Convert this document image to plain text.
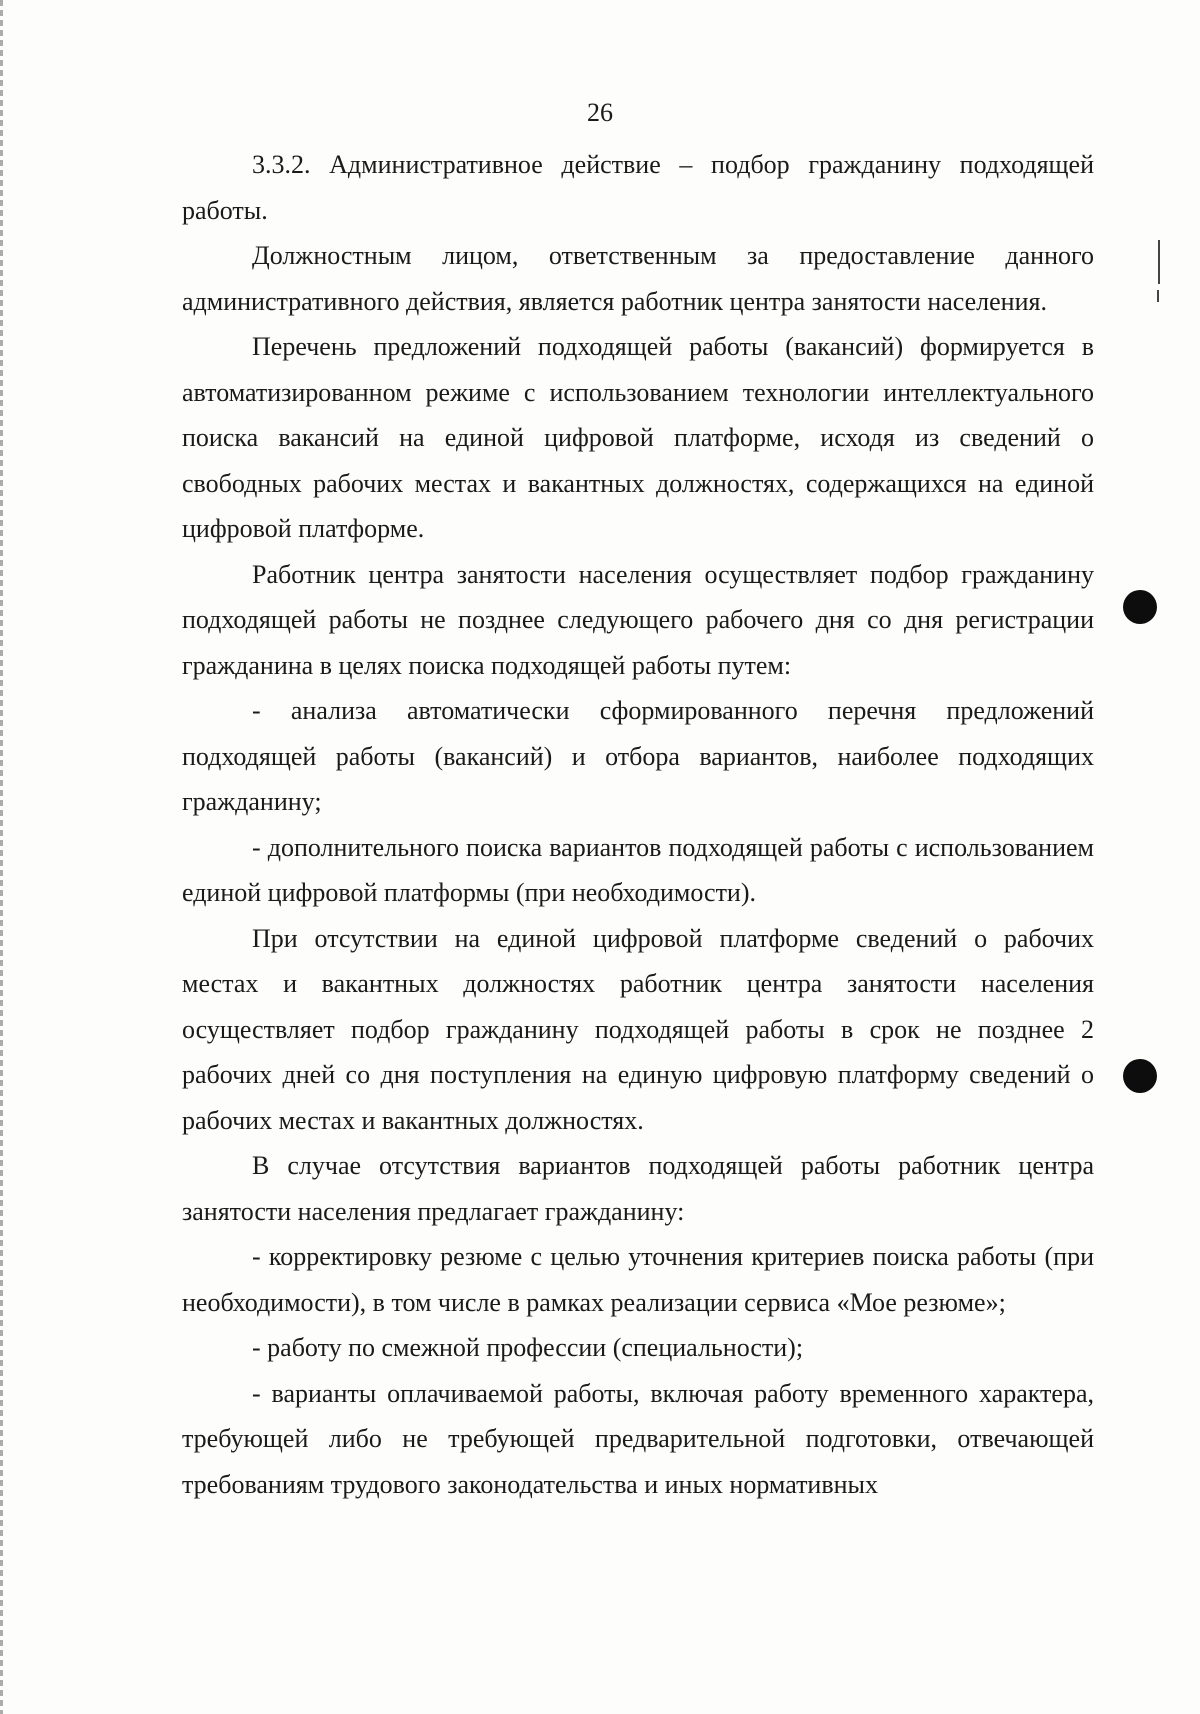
26

3.3.2. Административное действие – подбор гражданину подходящей работы.

Должностным лицом, ответственным за предоставление данного административного действия, является работник центра занятости населения.

Перечень предложений подходящей работы (вакансий) формируется в автоматизированном режиме с использованием технологии интеллектуального поиска вакансий на единой цифровой платформе, исходя из сведений о свободных рабочих местах и вакантных должностях, содержащихся на единой цифровой платформе.

Работник центра занятости населения осуществляет подбор гражданину подходящей работы не позднее следующего рабочего дня со дня регистрации гражданина в целях поиска подходящей работы путем:

- анализа автоматически сформированного перечня предложений подходящей работы (вакансий) и отбора вариантов, наиболее подходящих гражданину;

- дополнительного поиска вариантов подходящей работы с использованием единой цифровой платформы (при необходимости).

При отсутствии на единой цифровой платформе сведений о рабочих местах и вакантных должностях работник центра занятости населения осуществляет подбор гражданину подходящей работы в срок не позднее 2 рабочих дней со дня поступления на единую цифровую платформу сведений о рабочих местах и вакантных должностях.

В случае отсутствия вариантов подходящей работы работник центра занятости населения предлагает гражданину:

- корректировку резюме с целью уточнения критериев поиска работы (при необходимости), в том числе в рамках реализации сервиса «Мое резюме»;

- работу по смежной профессии (специальности);

- варианты оплачиваемой работы, включая работу временного характера, требующей либо не требующей предварительной подготовки, отвечающей требованиям трудового законодательства и иных нормативных
